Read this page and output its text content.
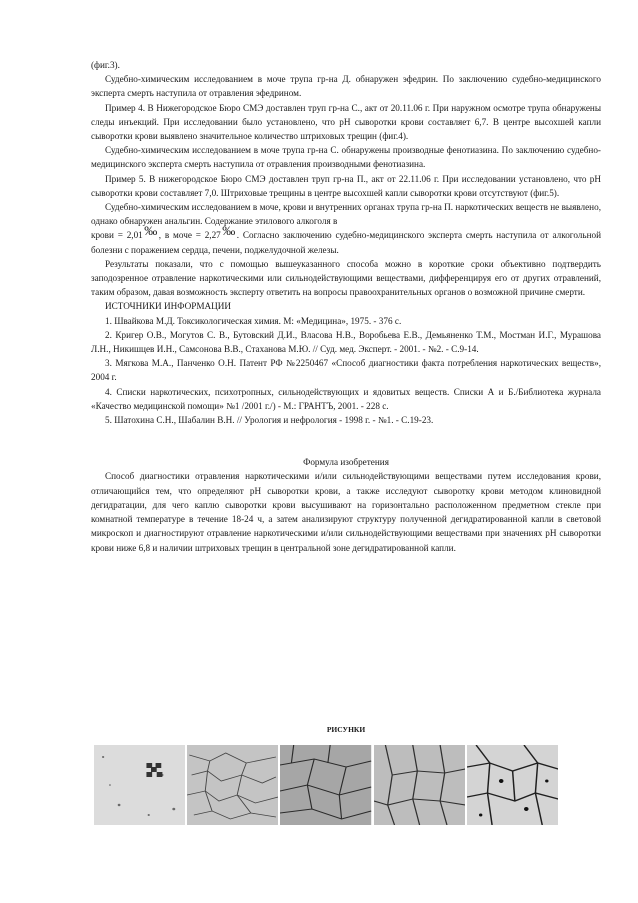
(фиг.3).

Судебно-химическим исследованием в моче трупа гр-на Д. обнаружен эфедрин. По заключению судебно-медицинского эксперта смерть наступила от отравления эфедрином.

Пример 4. В Нижегородское Бюро СМЭ доставлен труп гр-на С., акт от 20.11.06 г. При наружном осмотре трупа обнаружены следы инъекций. При исследовании было установлено, что рН сыворотки крови составляет 6,7. В центре высохшей капли сыворотки крови выявлено значительное количество штриховых трещин (фиг.4).

Судебно-химическим исследованием в моче трупа гр-на С. обнаружены производные фенотиазина. По заключению судебно-медицинского эксперта смерть наступила от отравления производными фенотиазина.

Пример 5. В нижегородское Бюро СМЭ доставлен труп гр-на П., акт от 22.11.06 г. При исследовании установлено, что рН сыворотки крови составляет 7,0. Штриховые трещины в центре высохшей капли сыворотки крови отсутствуют (фиг.5).

Судебно-химическим исследованием в моче, крови и внутренних органах трупа гр-на П. наркотических веществ не выявлено, однако обнаружен анальгин. Содержание этилового алкоголя в

крови = 2,01‰, в моче = 2,27‰. Согласно заключению судебно-медицинского эксперта смерть наступила от алкогольной болезни с поражением сердца, печени, поджелудочной железы.

Результаты показали, что с помощью вышеуказанного способа можно в короткие сроки объективно подтвердить заподозренное отравление наркотическими или сильнодействующими веществами, дифференцируя его от других отравлений, таким образом, давая возможность эксперту ответить на вопросы правоохранительных органов о возможной причине смерти.

ИСТОЧНИКИ ИНФОРМАЦИИ

1. Швайкова М.Д. Токсикологическая химия. М: «Медицина», 1975. - 376 с.

2. Кригер О.В., Могутов С. В., Бутовский Д.И., Власова Н.В., Воробьева Е.В., Демьяненко Т.М., Мостман И.Г., Мурашова Л.Н., Никишцев И.Н., Самсонова В.В., Стаханова М.Ю. // Суд. мед. Эксперт. - 2001. - №2. - С.9-14.

3. Мягкова М.А., Панченко О.Н. Патент РФ №2250467 «Способ диагностики факта потребления наркотических веществ», 2004 г.

4. Списки наркотических, психотропных, сильнодействующих и ядовитых веществ. Списки А и Б./Библиотека журнала «Качество медицинской помощи» №1 /2001 г./) - М.: ГРАНТЪ, 2001. - 228 с.

5. Шатохина С.Н., Шабалин В.Н. // Урология и нефрология - 1998 г. - №1. - С.19-23.

Формула изобретения

Способ диагностики отравления наркотическими и/или сильнодействующими веществами путем исследования крови, отличающийся тем, что определяют рН сыворотки крови, а также исследуют сыворотку крови методом клиновидной дегидратации, для чего каплю сыворотки крови высушивают на горизонтально расположенном предметном стекле при комнатной температуре в течение 18-24 ч, а затем анализируют структуру полученной дегидратированной капли в световой микроскоп и диагностируют отравление наркотическими и/или сильнодействующими веществами при значениях рН сыворотки крови ниже 6,8 и наличии штриховых трещин в центральной зоне дегидратированной капли.

РИСУНКИ
